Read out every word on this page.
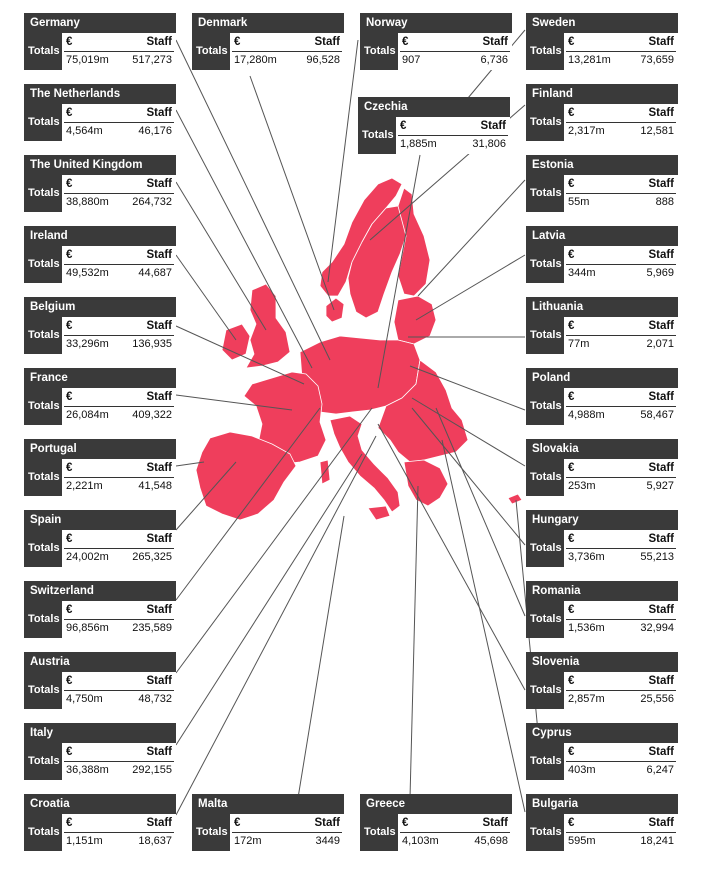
Germany
Totals
€	Staff
75,019m 517,273
Denmark
Totals
€	Staff
17,280m	96,528
Norway
Totals
€	Staff
907	6,736
Sweden
Totals
€	Staff
13,281m	73,659
The Netherlands
Totals
€	Staff
4,564m	46,176
Czechia
Totals
€	Staff
1,885m	31,806
Finland
Totals
€	Staff
2,317m	12,581
The United Kingdom
Totals
€	Staff
38,880m 264,732
Estonia
Totals
€	Staff
55m	888
Ireland
Totals
€	Staff
49,532m	44,687
Latvia
Totals
€	Staff
344m	5,969
Belgium
Totals
€	Staff
33,296m 136,935
Lithuania
Totals
€	Staff
77m	2,071
France
Totals
€	Staff
26,084m 409,322
Poland
Totals
€	Staff
4,988m	58,467
Portugal
Totals
€	Staff
2,221m	41,548
Slovakia
Totals
€	Staff
253m	5,927
Spain
Totals
€	Staff
24,002m 265,325
Hungary
Totals
€	Staff
3,736m	55,213
Switzerland
Totals
€	Staff
96,856m 235,589
Romania
Totals
€	Staff
1,536m	32,994
Austria
Totals
€	Staff
4,750m	48,732
Slovenia
Totals
€	Staff
2,857m	25,556
Italy
Totals
€	Staff
36,388m 292,155
Cyprus
Totals
€	Staff
403m	6,247
Croatia
Totals
€	Staff
1,151m	18,637
Malta
Totals
€	Staff
172m	3449
Greece
Totals
€	Staff
4,103m	45,698
Bulgaria
Totals
€	Staff
595m	18,241
